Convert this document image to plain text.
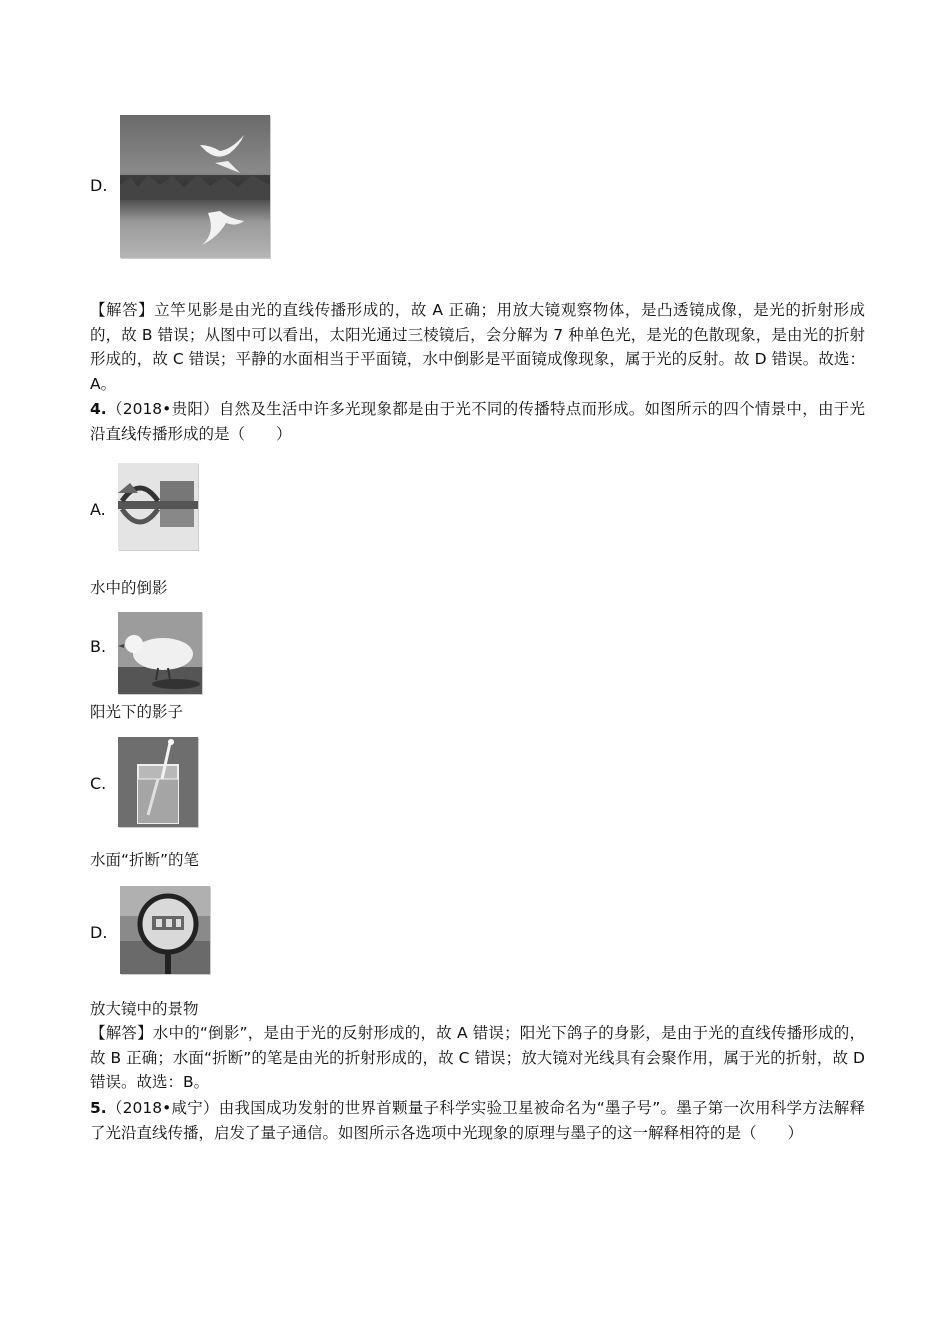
D.
【解答】立竿见影是由光的直线传播形成的，故 A 正确；用放大镜观察物体，是凸透镜成像，是光的折射形成的，故 B 错误；从图中可以看出，太阳光通过三棱镜后，会分解为 7 种单色光，是光的色散现象，是由光的折射形成的，故 C 错误；平静的水面相当于平面镜，水中倒影是平面镜成像现象，属于光的反射。故 D 错误。故选：A。
4.（2018•贵阳）自然及生活中许多光现象都是由于光不同的传播特点而形成。如图所示的四个情景中，由于光沿直线传播形成的是（　　）
A.
水中的倒影
B.
阳光下的影子
C.
水面“折断”的笔
D.
放大镜中的景物
【解答】水中的“倒影”，是由于光的反射形成的，故 A 错误；阳光下鸽子的身影，是由于光的直线传播形成的，故 B 正确；水面“折断”的笔是由光的折射形成的，故 C 错误；放大镜对光线具有会聚作用，属于光的折射，故 D 错误。故选：B。
5.（2018•咸宁）由我国成功发射的世界首颗量子科学实验卫星被命名为“墨子号”。墨子第一次用科学方法解释了光沿直线传播，启发了量子通信。如图所示各选项中光现象的原理与墨子的这一解释相符的是（　　）
